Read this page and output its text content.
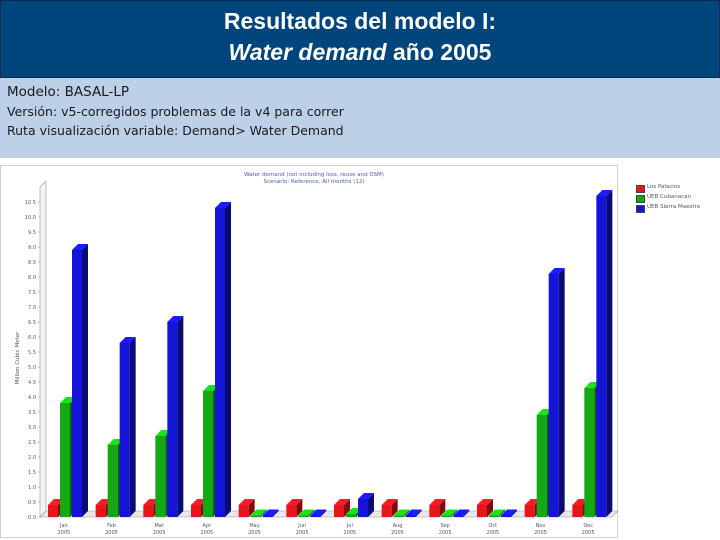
Resultados del modelo I:
Water demand año 2005
Modelo: BASAL-LP
Versión: v5-corregidos problemas de la v4 para correr
Ruta visualización variable: Demand> Water Demand
Water demand (not including loss, reuse and DSM)
Scenario: Reference, All months (12)
Million Cubic Meter
0.0
0.5
1.0
1.5
2.0
2.5
3.0
3.5
4.0
4.5
5.0
5.5
6.0
6.5
7.0
7.5
8.0
8.5
9.0
9.5
10.0
10.5
Jan
2005
Feb
2005
Mar
2005
Apr
2005
May
2005
Jun
2005
Jul
2005
Aug
2005
Sep
2005
Oct
2005
Nov
2005
Dec
2005
Los Palacios
UEB Cubanacan
UEB Sierra Maestra
